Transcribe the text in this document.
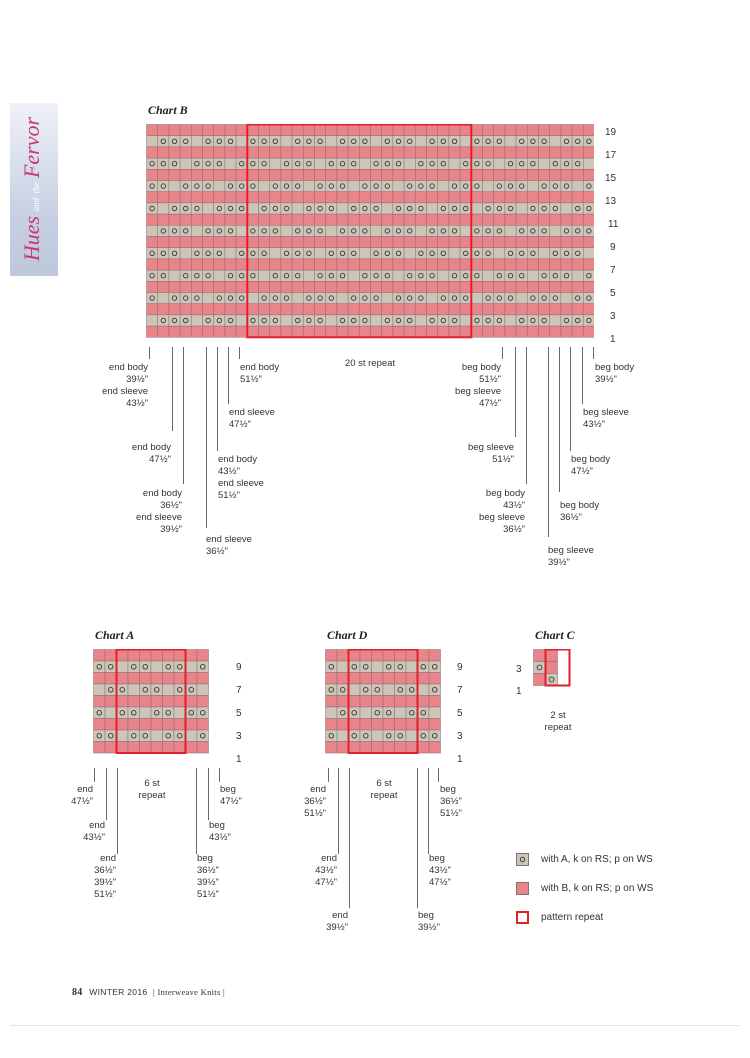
Hues and the Fervor
Chart B
19
17
15
13
11
9
7
5
3
1
20 st repeat
end body
39½"
end sleeve
43½"
end body
51½"
end sleeve
47½"
end body
47½"	end body
43½"
end sleeve
51½"
end body
36½"
end sleeve
39½"
end sleeve
36½"
beg body
51½"
beg sleeve
47½"
beg body
39½"
beg sleeve
43½"
beg sleeve
51½"	beg body
47½"
beg body
43½"
beg sleeve
36½"
beg body
36½"
beg sleeve
39½"
Chart A
9
7
5
3
1
6 st
repeat
end
47½"
end
43½"
end
36½"
39½"
51½"
beg
47½"
beg
43½"
beg
36½"
39½"
51½"
Chart D
9
7
5
3
1
6 st
repeat
end
36½"
51½"
end
43½"
47½"
end
39½"
beg
36½"
51½"
beg
43½"
47½"
beg
39½"
Chart C
3
1
2 st
repeat
with A, k on RS; p on WS
with B, k on RS; p on WS
pattern repeat
84 WINTER 2016 | Interweave Knits |
